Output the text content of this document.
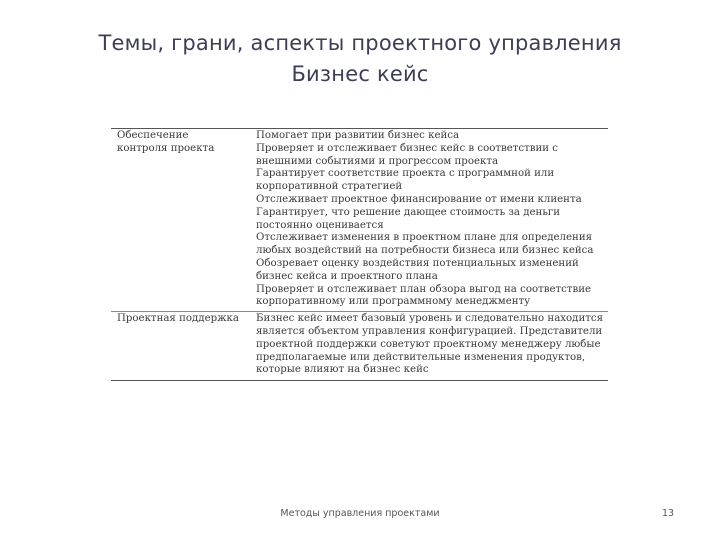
Темы, грани, аспекты проектного управления
Бизнес кейс
Обеспечение
контроля проекта
Помогает при развитии бизнес кейса
Проверяет и отслеживает бизнес кейс в соответствии с
внешними событиями и прогрессом проекта
Гарантирует соответствие проекта с программной или
корпоративной стратегией
Отслеживает проектное финансирование от имени клиента
Гарантирует, что решение дающее стоимость за деньги
постоянно оценивается
Отслеживает изменения в проектном плане для определения
любых воздействий на потребности бизнеса или бизнес кейса
Обозревает оценку воздействия потенциальных изменений
бизнес кейса и проектного плана
Проверяет и отслеживает план обзора выгод на соответствие
корпоративному или программному менеджменту
Проектная поддержка	Бизнес кейс имеет базовый уровень и следовательно находится
является объектом управления конфигурацией. Представители
проектной поддержки советуют проектному менеджеру любые
предполагаемые или действительные изменения продуктов,
которые влияют на бизнес кейс
Методы управления проектами	13
